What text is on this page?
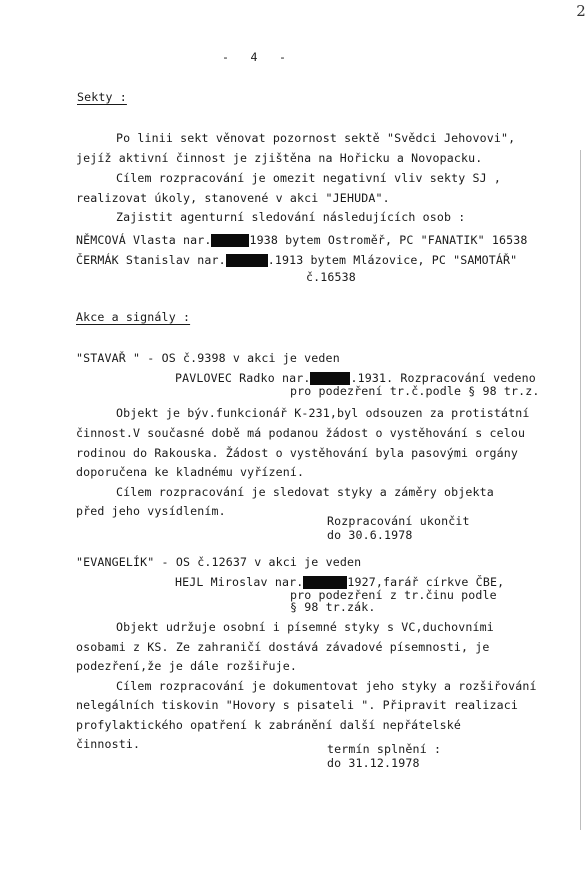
2
-   4   -
Sekty :
Po linii sekt věnovat pozornost sektě "Svědci Jehovovi",
jejíž aktivní činnost je zjištěna na Hořicku a Novopacku.
Cílem rozpracování je omezit negativní vliv sekty SJ ,
realizovat úkoly, stanovené v akci "JEHUDA".
Zajistit agenturní sledování následujících osob :
NĚMCOVÁ Vlasta nar.	1938 bytem Ostroměř, PC "FANATIK" 16538
ČERMÁK Stanislav nar.	.1913 bytem Mlázovice, PC "SAMOTÁŘ"
č.16538
Akce a signály :
"STAVAŘ " - OS č.9398 v akci je veden
PAVLOVEC Radko nar.	.1931. Rozpracování vedeno
pro podezření tr.č.podle § 98 tr.z.
Objekt je býv.funkcionář K-231,byl odsouzen za protistátní
činnost.V současné době má podanou žádost o vystěhování s celou
rodinou do Rakouska. Žádost o vystěhování byla pasovými orgány
doporučena ke kladnému vyřízení.
Cílem rozpracování je sledovat styky a záměry objekta
před jeho vysídlením.
Rozpracování ukončit
do 30.6.1978
"EVANGELÍK" - OS č.12637 v akci je veden
HEJL Miroslav nar.	1927,farář církve ČBE,
pro podezření z tr.činu podle
§ 98 tr.zák.
Objekt udržuje osobní i písemné styky s VC,duchovními
osobami z KS. Ze zahraničí dostává závadové písemnosti, je
podezření,že je dále rozšiřuje.
Cílem rozpracování je dokumentovat jeho styky a rozšiřování
nelegálních tiskovin "Hovory s pisateli ". Připravit realizaci
profylaktického opatření k zabránění další nepřátelské
činnosti.	termín splnění :
do 31.12.1978
